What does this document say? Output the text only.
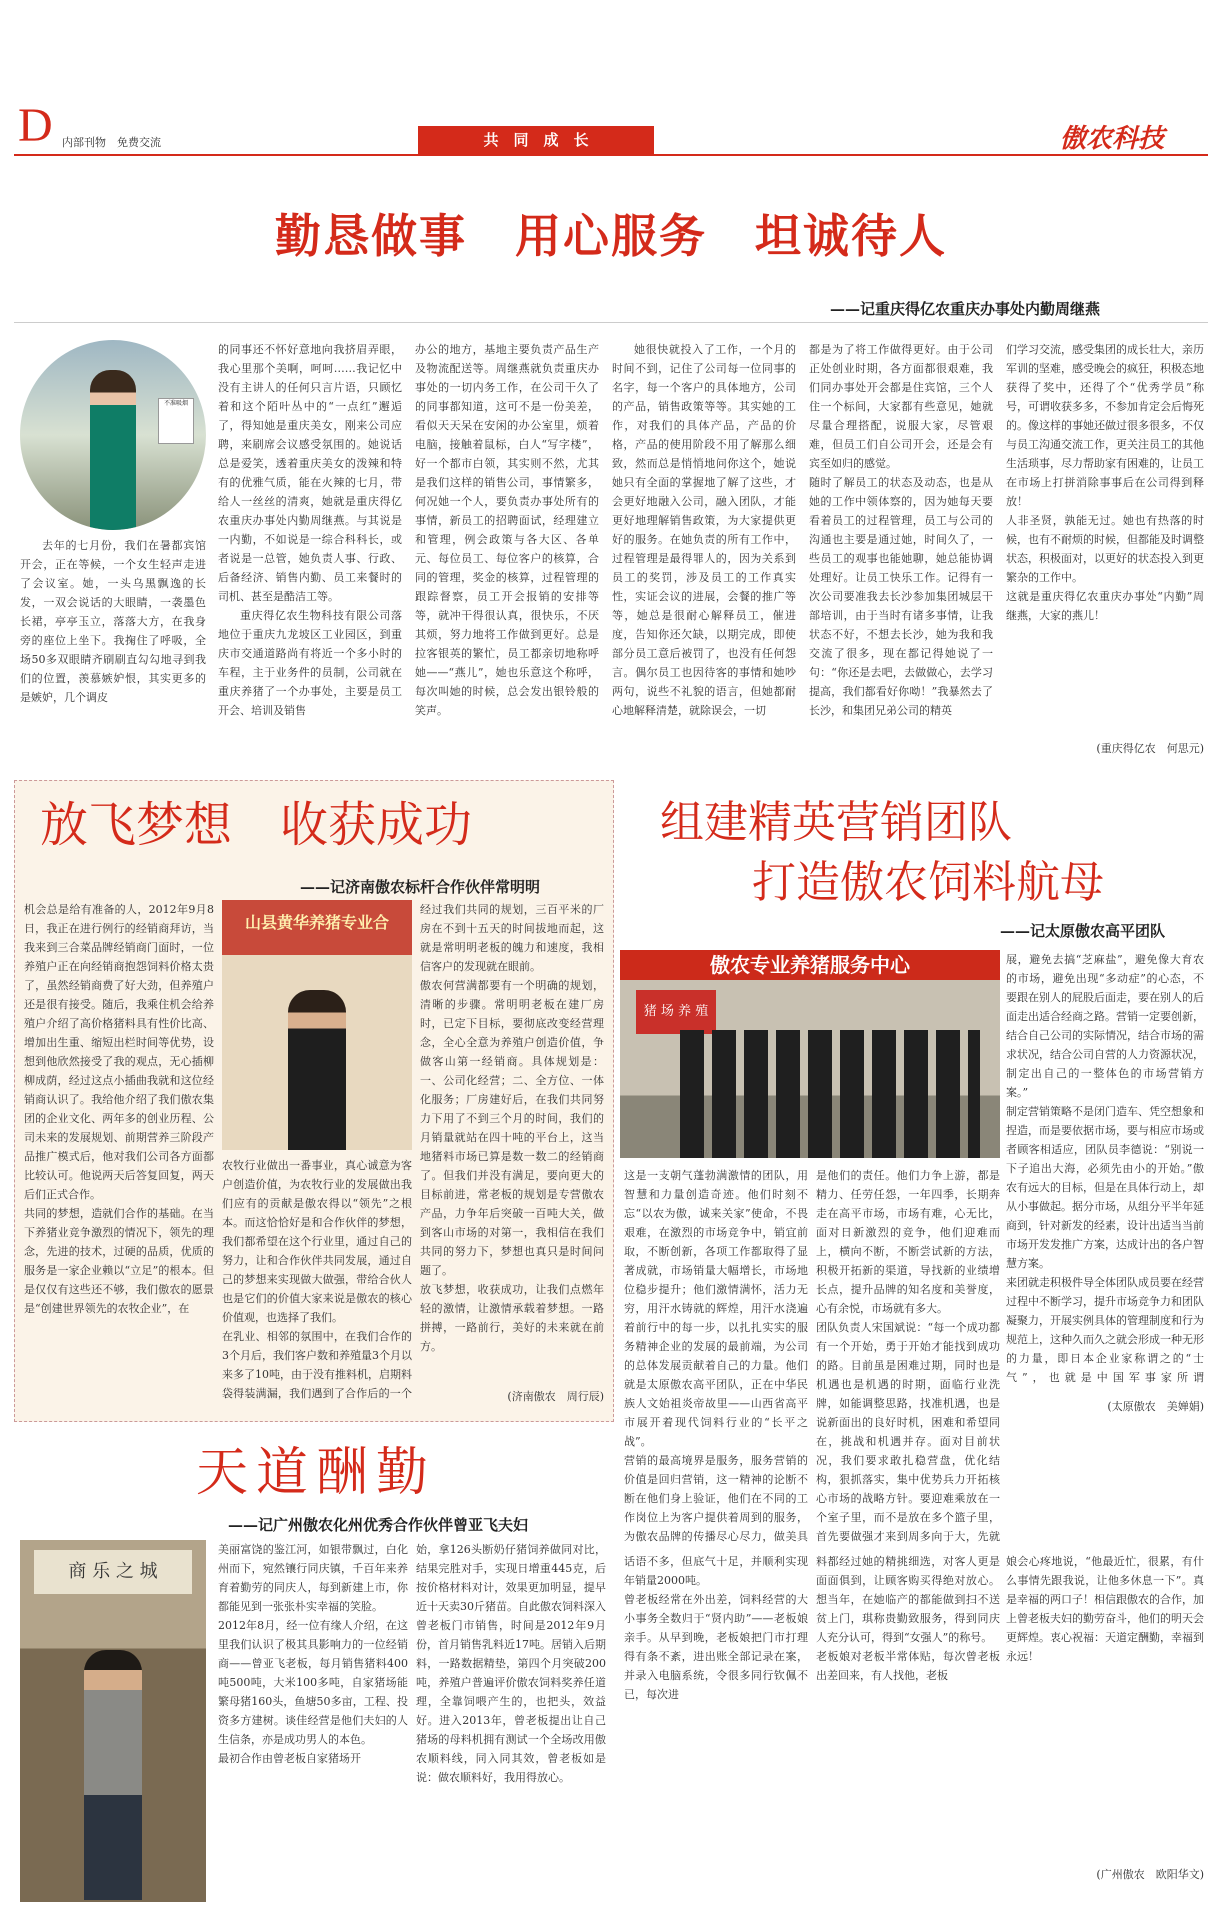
D 内部刊物　免费交流	共　同　成　长	傲农科技
勤恳做事　用心服务　坦诚待人
——记重庆得亿农重庆办事处内勤周继燕
不准吸烟
去年的七月份，我们在暑都宾馆开会，正在等候，一个女生轻声走进了会议室。她，一头乌黑飘逸的长发，一双会说话的大眼睛，一袭墨色长裙，亭亭玉立，落落大方，在我身旁的座位上坐下。我掬住了呼吸，全场50多双眼睛齐刷刷直勾勾地寻到我们的位置，羡慕嫉妒恨，其实更多的是嫉妒，几个调皮

的同事还不怀好意地向我挤眉弄眼，我心里那个美啊，呵呵……我记忆中没有主讲人的任何只言片语，只顾忆着和这个陌叶丛中的“一点红”邂逅了，得知她是重庆美女，刚来公司应聘，来刷席会议感受氛围的。她说话总是爱笑，透着重庆美女的泼辣和特有的优雅气质，能在火辣的七月，带给人一丝丝的清爽，她就是重庆得亿农重庆办事处内勤周继燕。与其说是一内勤，不如说是一综合科科长，或者说是一总管，她负责人事、行政、后备经济、销售内勤、员工来餐时的司机、甚至是酷洁工等。

重庆得亿农生物科技有限公司落地位于重庆九龙坡区工业园区，到重庆市交通道路尚有将近一个多小时的车程，主于业务件的员制，公司就在重庆养猪了一个办事处，主要是员工开会、培训及销售

办公的地方，基地主要负责产品生产及物流配送等。周继燕就负责重庆办事处的一切内务工作，在公司干久了的同事都知道，这可不是一份美差，看似天天呆在安闲的办公室里，烦着电脑，接触着鼠标，白人“写字楼”，好一个都市白领，其实则不然，尤其是我们这样的销售公司，事情繁多，何况她一个人，要负责办事处所有的事情，新员工的招聘面试，经理建立和管理，例会政策与各大区、各单元、每位员工、每位客户的核算，合同的管理，奖金的核算，过程管理的跟踪督察，员工开会报销的安排等等，就冲干得很认真，很快乐，不厌其烦，努力地将工作做到更好。总是拉客银英的繁忙，员工都亲切地称呼她——“燕儿”，她也乐意这个称呼，每次叫她的时候，总会发出银铃般的笑声。
她很快就投入了工作，一个月的时间不到，记住了公司每一位同事的名字，每一个客户的具体地方，公司的产品，销售政策等等。其实她的工作，对我们的具体产品，产品的价格，产品的使用阶段不用了解那么细致，然而总是悄悄地问你这个，她说她只有全面的掌握地了解了这些，才会更好地融入公司，融入团队，才能更好地理解销售政策，为大家提供更好的服务。在她负责的所有工作中，过程管理是最得罪人的，因为关系到员工的奖罚，涉及员工的工作真实性，实证会议的进展，会餐的推广等等，她总是很耐心解释员工，催进度，告知你还欠缺，以期完成，即使部分员工意后被罚了，也没有任何怨言。偶尔员工也因待客的事情和她吵两句，说些不礼貌的语言，但她都耐心地解释清楚，就除误会，一切
都是为了将工作做得更好。由于公司正处创业时期，各方面都很艰难，我们同办事处开会都是住宾馆，三个人住一个标间，大家都有些意见，她就尽量合理搭配，说服大家，尽管艰难，但员工们自公司开会，还是会有宾至如归的感觉。
随时了解员工的状态及动态，也是从她的工作中领体察的，因为她每天要看着员工的过程管理，员工与公司的沟通也主要是通过她，时间久了，一些员工的观事也能她聊，她总能协调处理好。让员工快乐工作。记得有一次公司要准我去长沙参加集团城层干部培训，由于当时有诸多事情，让我状态不好，不想去长沙，她为我和我交流了很多，现在都记得她说了一句：“你还是去吧，去做做心，去学习提高，我们都看好你呦！”我暴然去了长沙，和集团兄弟公司的精英
们学习交流，感受集团的成长壮大，亲历军训的坚难，感受晚会的疯狂，积极态地获得了奖中，还得了个“优秀学员”称号，可谓收获多多，不参加肯定会后悔死的。像这样的事她还做过很多很多，不仅与员工沟通交流工作，更关注员工的其他生活琐事，尽力帮助家有困难的，让员工在市场上打拼消除事事后在公司得到释放！
人非圣贤，孰能无过。她也有热落的时候，也有不耐烦的时候，但都能及时调整状态，积极面对，以更好的状态投入到更繁杂的工作中。
这就是重庆得亿农重庆办事处“内勤”周继燕，大家的燕儿！
(重庆得亿农　何思元)
放飞梦想　收获成功
——记济南傲农标杆合作伙伴常明明
机会总是给有准备的人，2012年9月8日，我正在进行例行的经销商拜访，当我来到三合菜品牌经销商门面时，一位养殖户正在向经销商抱怨饲料价格太贵了，虽然经销商费了好大劲，但养殖户还是很有接受。随后，我乘住机会给养殖户介绍了高价格猪料具有性价比高、增加出生重、缩短出栏时间等优势，设想到他欣然接受了我的观点，无心插柳柳成荫，经过这点小插曲我就和这位经销商认识了。我给他介绍了我们傲农集团的企业文化、两年多的创业历程、公司未来的发展规划、前期营养三阶段产品推广模式后，他对我们公司各方面都比较认可。他说两天后答复回复，两天后们正式合作。
共同的梦想，造就们合作的基础。在当下养猪业竞争激烈的情况下，领先的理念，先进的技术，过硬的品质，优质的服务是一家企业赖以“立足”的根本。但是仅仅有这些还不够，我们傲农的愿景是“创建世界领先的农牧企业”，在
山县黄华养猪专业合
农牧行业做出一番事业，真心诚意为客户创造价值，为农牧行业的发展做出我们应有的贡献是傲农得以“领先”之根本。而这恰恰好是和合作伙伴的梦想，我们都希望在这个行业里，通过自己的努力，让和合作伙伴共同发展，通过自己的梦想来实现做大做强，带给合伙人也是它们的价值大家来说是傲农的核心价值观，也选择了我们。
在乳业、相邻的氛围中，在我们合作的3个月后，我们客户数和养殖量3个月以来多了10吨，由于没有推料机，启期料袋得装满漏，我们遇到了合作后的一个
经过我们共同的规划，三百平米的厂房在不到十五天的时间拔地而起，这就是常明明老板的魄力和速度，我相信客户的发现就在眼前。
傲农何营满都要有一个明确的规划，清晰的步骤。常明明老板在建厂房时，已定下目标，要彻底改变经营理念，全心全意为养殖户创造价值，争做客山第一经销商。具体规划是：一、公司化经营；二、全方位、一体化服务；厂房建好后，在我们共同努力下用了不到三个月的时间，我们的月销量就站在四十吨的平台上，这当地猪料市场已算是数一数二的经销商了。但我们并没有满足，要向更大的目标前进，常老板的规划是专营傲农产品，力争年后突破一百吨大关，做到客山市场的对第一，我相信在我们共同的努力下，梦想也真只是时间问题了。
放飞梦想，收获成功，让我们点燃年轻的激情，让激情承载着梦想。一路拼搏，一路前行，美好的未来就在前方。
(济南傲农　周行辰)
组建精英营销团队
打造傲农饲料航母
——记太原傲农高平团队
傲农专业养猪服务中心
猪 场 养 殖
展，避免去搞“芝麻盐”，避免像大育农的市场，避免出现“多动症”的心态，不要跟在别人的屁股后面走，要在别人的后面走出适合经商之路。营销一定要创新，结合自己公司的实际情况，结合市场的需求状况，结合公司自营的人力资源状况，制定出自己的一整体色的市场营销方案。”
制定营销策略不是闭门造车、凭空想象和捏造，而是要依据市场，要与相应市场或者顾客相适应，团队员李德说：“别说一下子追出大海，必须先由小的开始。”傲农有远大的目标，但是在具体行动上，却从小事做起。据分市场，从组分平半年延商到，针对新发的经素，设计出适当当前市场开发发推广方案，达成计出的各户智慧方案。
来团就走积极件导全体团队成员要在经营过程中不断学习，提升市场竞争力和团队凝聚力，开展实例具体的管理制度和行为规范上，这种久而久之就会形成一种无形的力量，即日本企业家称谓之的“士气”，也就是中国军事家所谓

(太原傲农　美婵娟)
这是一支朝气蓬勃满激情的团队，用智慧和力量创造奇迹。他们时刻不忘“以农为傲，诚来关家”使命，不畏艰难，在激烈的市场竞争中，销宜前取，不断创新，各项工作都取得了显著成就，市场销量大幅增长，市场地位稳步提升；他们激情满怀，活力无穷，用汗水铸就的辉煌，用汗水浇遍着前行中的每一步，以扎扎实实的服务精神企业的发展的最前端，为公司的总体发展贡献着自己的力量。他们就是太原傲农高平团队，正在中华民族人文始祖炎帝故里——山西省高平市展开着现代饲料行业的“长平之战”。
营销的最高境界是服务，服务营销的价值是回归营销，这一精神的论断不断在他们身上验证，他们在不同的工作岗位上为客户提供着周到的服务，为傲农品牌的传播尽心尽力，做美具
是他们的责任。他们力争上游，都是精力、任劳任怨，一年四季，长期奔走在高平市场，市场有难，心无比，面对日新激烈的竞争，他们迎难而上，横向不断，不断尝试新的方法，积极开拓新的渠道，导找新的业绩增长点，提升品牌的知名度和美誉度，心有余悦，市场就有多大。
团队负责人宋国斌说：“每一个成功都有一个开始，勇于开始才能找到成功的路。目前虽是困难过期，同时也是机遇也是机遇的时期，面临行业洗牌，如能调整思路，找准机遇，也是说新面出的良好时机，困难和希望同在，挑战和机遇并存。面对目前状况，我们要求敢扎稳营盘，优化结构，狠抓落实，集中优势兵力开拓核心市场的战略方针。要迎难乘放在一个室子里，而不是放在多个篮子里，首先要做强才来到周多向于大，先就
天道酬勤
——记广州傲农化州优秀合作伙伴曾亚飞夫妇
商 乐 之 城
美丽富饶的鉴江河，如银带飘过，白化州而下，宛然镶行同庆镇，千百年来养育着勤劳的同庆人，每到新建上市，你都能见到一张张朴实幸福的笑脸。
2012年8月，经一位有缘人介绍，在这里我们认识了极其具影响力的一位经销商——曾亚飞老板，每月销售猪料400吨500吨，大米100多吨，自家猪场能繁母猪160头，鱼塘50多亩，工程、投资多方建树。谈佳经营是他们夫妇的人生信条，亦是成功男人的本色。
最初合作由曾老板自家猪场开
始，拿126头断奶仔猪饲养做同对比，结果完胜对手，实现日增重445克，后按价格材料对计，效果更加明显，提早近十天卖30斤猪苗。自此傲农饲料深入曾老板门市销售，时间是2012年9月份，首月销售乳料近17吨。居销入后期料，一路数据精垫，第四个月突破200吨，养殖户普遍评价傲农饲料奖养任道理，全靠饲喂产生的，也把头，效益好。进入2013年，曾老板提出让自己猪场的母料机拥有测试一个全场改用傲农顺料线，同入同其效，曾老板如是说：做农顺料好，我用得放心。
话语不多，但底气十足，并顺利实现年销量2000吨。
曾老板经常在外出差，饲料经营的大小事务全数归于“贤内助”——老板娘亲手。从早到晚，老板娘把门市打理得有条不紊，进出账全部记录在案，并录入电脑系统，令很多同行钦佩不已，每次进
料都经过她的精挑细选，对客人更是面面俱到，让顾客购买得绝对放心。想当年，在她临产的都能做到扫不送贫上门，琪称贵勤致服务，得到同庆人充分认可，得到“女强人”的称号。
老板娘对老板半常体贴，每次曾老板出差回来，有人找他，老板
娘会心疼地说，“他最近忙，很累，有什么事情先跟我说，让他多休息一下”。真是幸福的两口子！相信跟傲农的合作，加上曾老板夫妇的勤劳奋斗，他们的明天会更辉煌。衷心祝福：天道定酬勤，幸福到永远！
(广州傲农　欧阳华文)
